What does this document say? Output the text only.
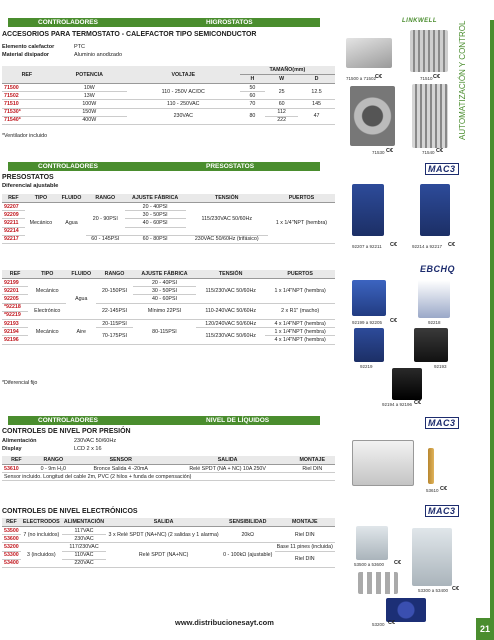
CONTROLADORES	HIGROSTATOS
ACCESORIOS PARA TERMOSTATO - CALEFACTOR TIPO SEMICONDUCTOR
Elemento calefactor	PTC
Material disipador	Aluminio anodizado
REF	POTENCIA	VOLTAJE	TAMAÑO(mm)		
			H	W	D
71500	10W	110 - 250V AC/DC	50	25	12.5
71502	13W		60		
71510	100W	110 - 250VAC	70	60	145
71530*	150W	230VAC	80	112	47
71540*	400W			222	
*Ventilador incluido
LINKWELL
71500 a 71502
C€	71510 C€
71530 C€	71540 C€
CONTROLADORES	PRESOSTATOS
PRESOSTATOS
Diferencial ajustable
MAC3
REF	TIPO	FLUIDO	RANGO	AJUSTE FÁBRICA	TENSIÓN	PUERTOS
92207	Mecánico	Agua	20 - 90PSI	20 - 40PSI	115/230VAC 50/60Hz	1 x 1/4"NPT (hembra)
92209				30 - 50PSI		
92211				40 - 60PSI		
92214						
92217			60 - 145PSI	60 - 80PSI	230VAC 50/60Hz (trifásico)	
92207 a 92211 C€	92214 a 92217 C€
EBCHQ
REF	TIPO	FLUIDO	RANGO	AJUSTE FÁBRICA	TENSIÓN	PUERTOS
92199	Mecánico	Agua	20-150PSI	20 - 40PSI	115/230VAC 50/60Hz	1 x 1/4"NPT (hembra)
92201				30 - 50PSI		
92205				40 - 60PSI		
*92218	Electrónico		22-145PSI	Mínimo 22PSI	110-240VAC 50/60Hz	2 x R1" (macho)
*92219						
92193	Mecánico	Aire	20-115PSI	80-115PSI	120/240VAC 50/60Hz	4 x 1/4"NPT (hembra)
92194			70-175PSI		115/230VAC 50/60Hz	1 x 1/4"NPT (hembra)
92196						4 x 1/4"NPT (hembra)
*Diferencial fijo
92199 a 92205 C€	92218
92219	92193
92194 a 92196 C€
CONTROLADORES	NIVEL DE LÍQUIDOS
CONTROLES DE NIVEL POR PRESIÓN
MAC3
Alimentación	230VAC 50/60Hz
Display	LCD 2 x 16
REF	RANGO	SENSOR	SALIDA	MONTAJE
53610	0 - 9m H₂0	Bronce Salida 4 -20mA	Relé SPDT (NA + NC) 10A 250V	Riel DIN
Sensor incluido. Longitud del cable 2m, PVC (2 hilos + funda de compensación)				
53610 C€
CONTROLES DE NIVEL ELECTRÓNICOS	MAC3
REF	ELECTRODOS	ALIMENTACIÓN	SALIDA	SENSIBILIDAD	MONTAJE
53500	7 (no incluidos)	117VAC	3 x Relé SPDT (NA+NC) (2 salidas y 1 alarma)	20kΩ	Riel DIN
53600		230VAC			
53200	3 (incluidos)	117/230VAC	Relé SPDT (NA+NC)	0 - 100kΩ (ajustable)	Base 11 pines (incluida)
53300		110VAC			Riel DIN
53400		220VAC				53500 a 53600 C€
53300 a 53400 C€
53200 C€
AUTOMATIZACIÓN Y CONTROL
www.distribucionesayt.com
21
